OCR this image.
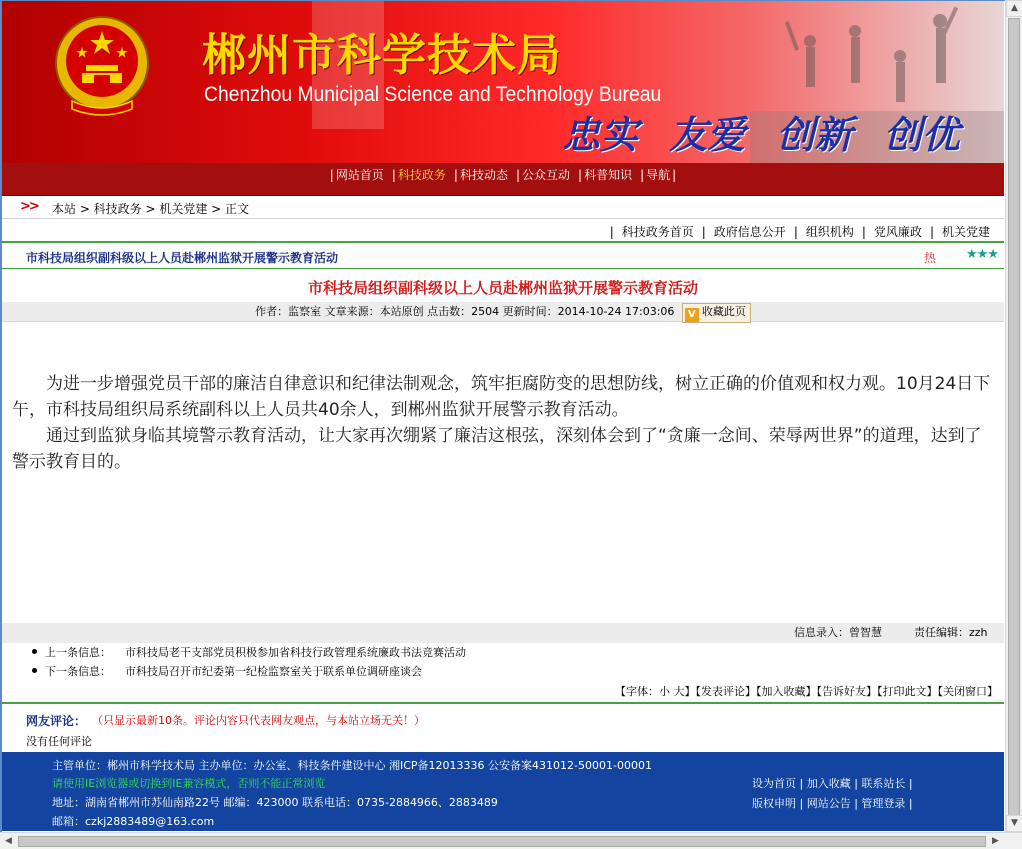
郴州市科学技术局
Chenzhou Municipal Science and Technology Bureau
忠实 友爱 创新 创优
| 网站首页 | 科技政务 | 科技动态 | 公众互动 | 科普知识 | 导航 |
>> 本站 > 科技政务 > 机关党建 > 正文
| 科技政务首页 | 政府信息公开 | 组织机构 | 党风廉政 | 机关党建
市科技局组织副科级以上人员赴郴州监狱开展警示教育活动	热 ★★★
市科技局组织副科级以上人员赴郴州监狱开展警示教育活动
作者：监察室 文章来源：本站原创 点击数：2504 更新时间：2014-10-24 17:03:06 V 收藏此页

为进一步增强党员干部的廉洁自律意识和纪律法制观念，筑牢拒腐防变的思想防线，树立正确的价值观和权力观。10月24日下午，市科技局组织局系统副科以上人员共40余人，到郴州监狱开展警示教育活动。

通过到监狱身临其境警示教育活动，让大家再次绷紧了廉洁这根弦，深刻体会到了“贪廉一念间、荣辱两世界”的道理，达到了警示教育目的。

信息录入：曾智慧	责任编辑：zzh
上一条信息： 市科技局老干支部党员积极参加省科技行政管理系统廉政书法竞赛活动
下一条信息： 市科技局召开市纪委第一纪检监察室关于联系单位调研座谈会
【字体：小 大】【发表评论】【加入收藏】【告诉好友】【打印此文】【关闭窗口】
网友评论： （只显示最新10条。评论内容只代表网友观点，与本站立场无关！）
没有任何评论
主管单位：郴州市科学技术局 主办单位：办公室、科技条件建设中心 湘ICP备12013336 公安备案431012-50001-00001
请使用IE浏览器或切换到IE兼容模式，否则不能正常浏览
地址：湖南省郴州市苏仙南路22号 邮编：423000 联系电话：0735-2884966、2883489
邮箱：czkj2883489@163.com
设为首页 | 加入收藏 | 联系站长 |
版权申明 | 网站公告 | 管理登录 |
▲
▼
◀	▶
